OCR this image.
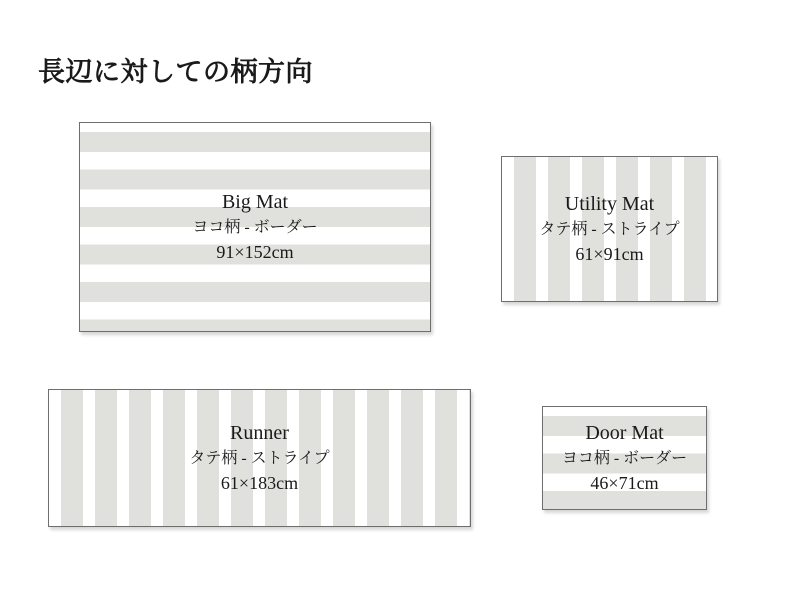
長辺に対しての柄方向
Big Mat
ヨコ柄 - ボーダー
91×152cm
Utility Mat
タテ柄 - ストライプ
61×91cm
Runner
タテ柄 - ストライプ
61×183cm
Door Mat
ヨコ柄 - ボーダー
46×71cm
